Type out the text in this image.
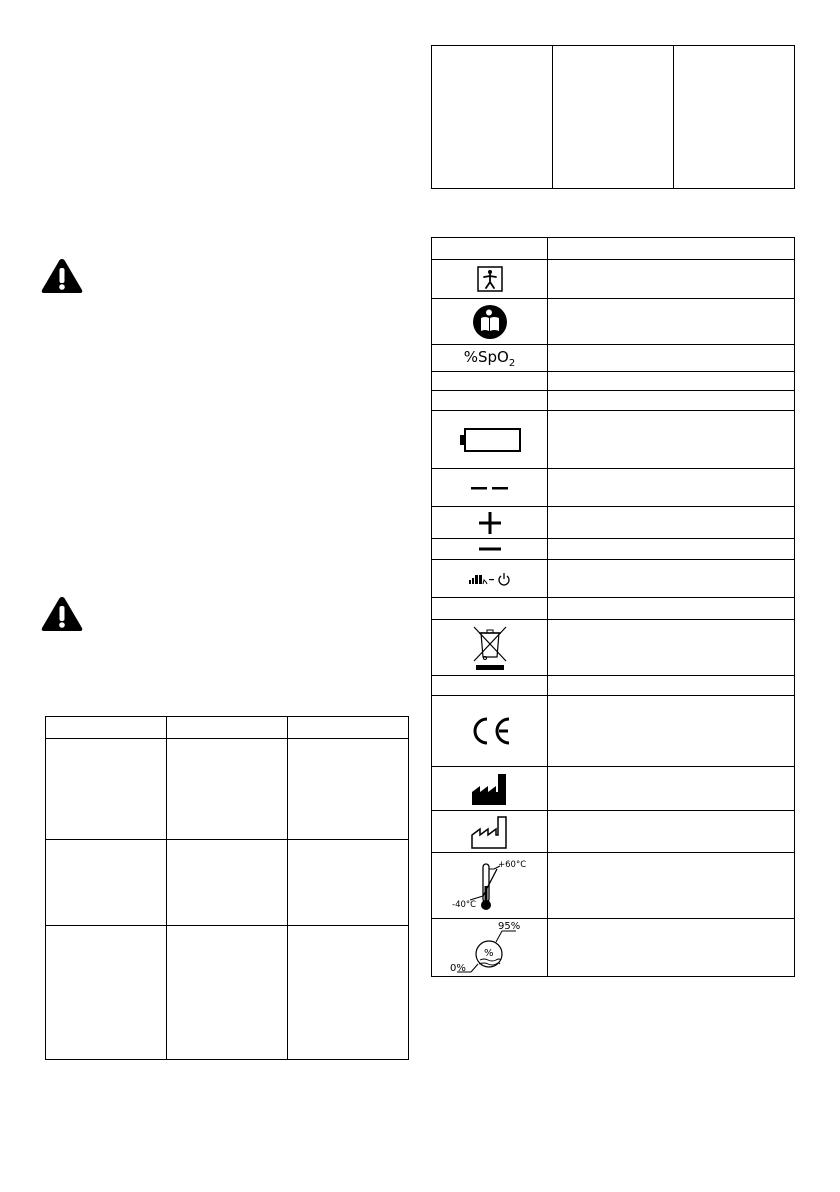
%SpO$_2$	

+60°C
-40°C	

%
95%
0%	
